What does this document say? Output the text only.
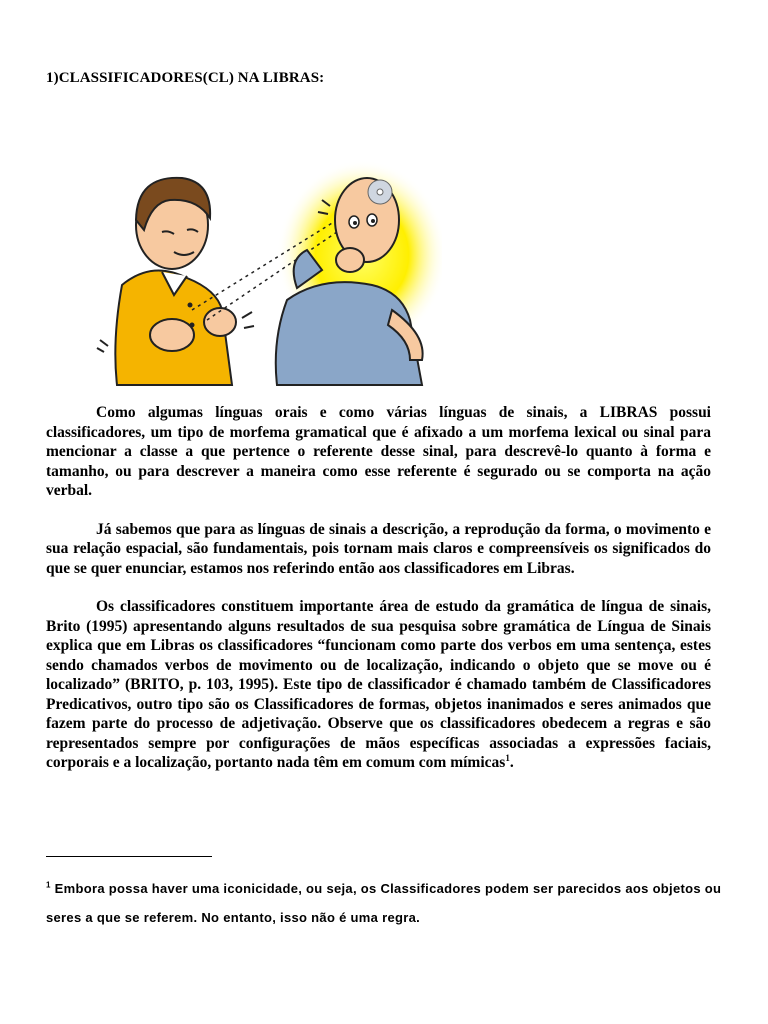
1)CLASSIFICADORES(CL) NA LIBRAS:

Como algumas línguas orais e como várias línguas de sinais, a LIBRAS possui classificadores, um tipo de morfema gramatical que é afixado a um morfema lexical ou sinal para mencionar a classe a que pertence o referente desse sinal, para descrevê-lo quanto à forma e tamanho, ou para descrever a maneira como esse referente é segurado ou se comporta na ação verbal.

Já sabemos que para as línguas de sinais a descrição, a reprodução da forma, o movimento e sua relação espacial, são fundamentais, pois tornam mais claros e compreensíveis os significados do que se quer enunciar, estamos nos referindo então aos classificadores em Libras.

Os classificadores constituem importante área de estudo da gramática de língua de sinais, Brito (1995) apresentando alguns resultados de sua pesquisa sobre gramática de Língua de Sinais explica que em Libras os classificadores “funcionam como parte dos verbos em uma sentença, estes sendo chamados verbos de movimento ou de localização, indicando o objeto que se move ou é localizado” (BRITO, p. 103, 1995). Este tipo de classificador é chamado também de Classificadores Predicativos, outro tipo são os Classificadores de formas, objetos inanimados e seres animados que fazem parte do processo de adjetivação. Observe que os classificadores obedecem a regras e são representados sempre por configurações de mãos específicas associadas a expressões faciais, corporais e a localização, portanto nada têm em comum com mímicas$^1$.

$^1$ Embora possa haver uma iconicidade, ou seja, os Classificadores podem ser parecidos aos objetos ou seres a que se referem. No entanto, isso não é uma regra.
